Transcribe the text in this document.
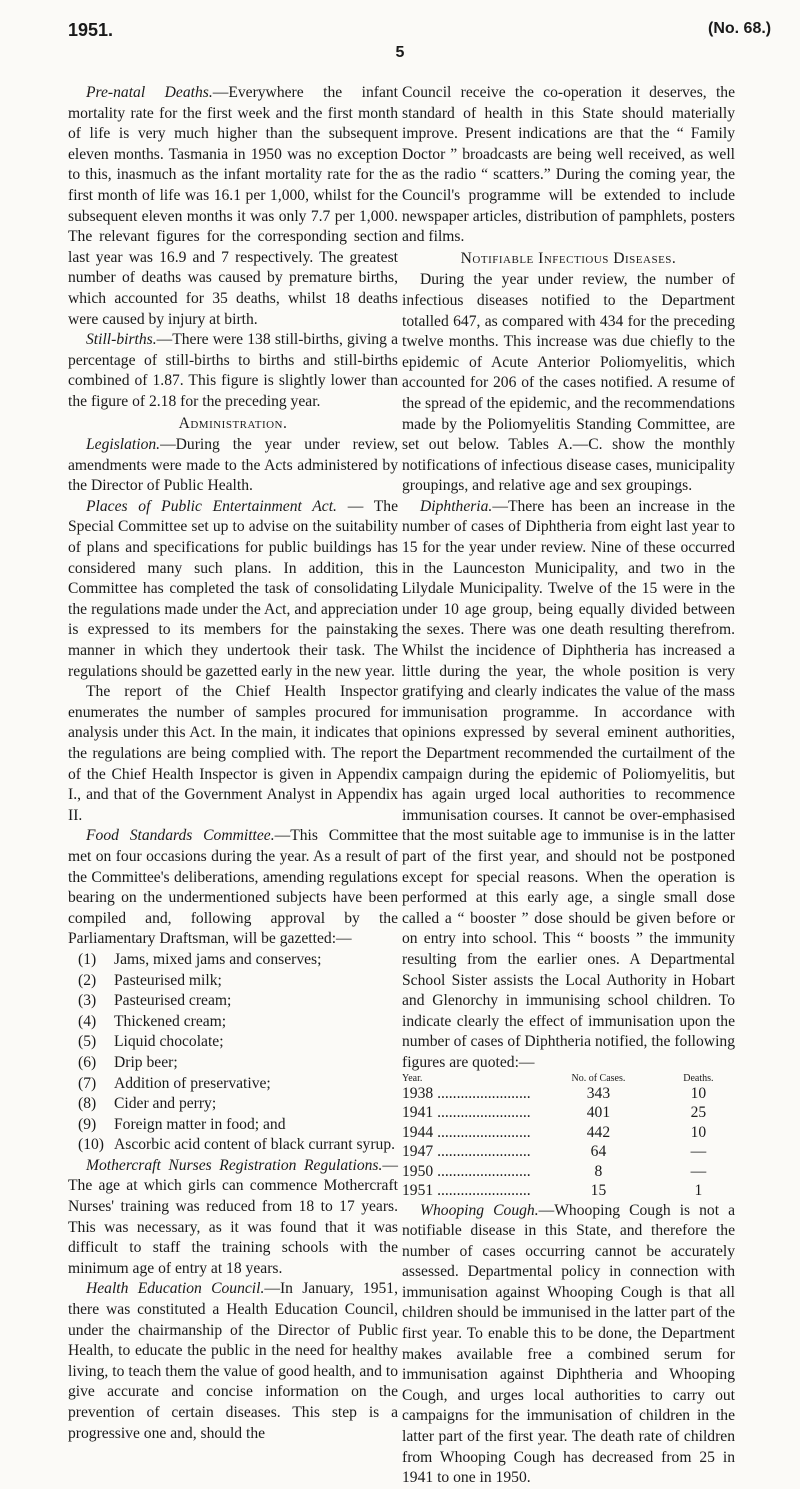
1951.	(No. 68.)
5

Pre-natal Deaths.—Everywhere the infant mortality rate for the first week and the first month of life is very much higher than the subsequent eleven months. Tasmania in 1950 was no exception to this, inasmuch as the infant mortality rate for the first month of life was 16.1 per 1,000, whilst for the subsequent eleven months it was only 7.7 per 1,000. The relevant figures for the corresponding section last year was 16.9 and 7 respectively. The greatest number of deaths was caused by premature births, which accounted for 35 deaths, whilst 18 deaths were caused by injury at birth.

Still-births.—There were 138 still-births, giving a percentage of still-births to births and still-births combined of 1.87. This figure is slightly lower than the figure of 2.18 for the preceding year.

Administration.

Legislation.—During the year under review, amendments were made to the Acts administered by the Director of Public Health.

Places of Public Entertainment Act. — The Special Committee set up to advise on the suitability of plans and specifications for public buildings has considered many such plans. In addition, this Committee has completed the task of consolidating the regulations made under the Act, and appreciation is expressed to its members for the painstaking manner in which they undertook their task. The regulations should be gazetted early in the new year.

The report of the Chief Health Inspector enumerates the number of samples procured for analysis under this Act. In the main, it indicates that the regulations are being complied with. The report of the Chief Health Inspector is given in Appendix I., and that of the Government Analyst in Appendix II.

Food Standards Committee.—This Committee met on four occasions during the year. As a result of the Committee's deliberations, amending regulations bearing on the undermentioned subjects have been compiled and, following approval by the Parliamentary Draftsman, will be gazetted:—

(1)	Jams, mixed jams and conserves;
(2)	Pasteurised milk;
(3)	Pasteurised cream;
(4)	Thickened cream;
(5)	Liquid chocolate;
(6)	Drip beer;
(7)	Addition of preservative;
(8)	Cider and perry;
(9)	Foreign matter in food; and
(10) Ascorbic acid content of black currant syrup.

Mothercraft Nurses Registration Regulations.—The age at which girls can commence Mothercraft Nurses' training was reduced from 18 to 17 years. This was necessary, as it was found that it was difficult to staff the training schools with the minimum age of entry at 18 years.

Health Education Council.—In January, 1951, there was constituted a Health Education Council, under the chairmanship of the Director of Public Health, to educate the public in the need for healthy living, to teach them the value of good health, and to give accurate and concise information on the prevention of certain diseases. This step is a progressive one and, should the

Council receive the co-operation it deserves, the standard of health in this State should materially improve. Present indications are that the “ Family Doctor ” broadcasts are being well received, as well as the radio “ scatters.” During the coming year, the Council's programme will be extended to include newspaper articles, distribution of pamphlets, posters and films.

Notifiable Infectious Diseases.

During the year under review, the number of infectious diseases notified to the Department totalled 647, as compared with 434 for the preceding twelve months. This increase was due chiefly to the epidemic of Acute Anterior Poliomyelitis, which accounted for 206 of the cases notified. A resume of the spread of the epidemic, and the recommendations made by the Poliomyelitis Standing Committee, are set out below. Tables A.—C. show the monthly notifications of infectious disease cases, municipality groupings, and relative age and sex groupings.

Diphtheria.—There has been an increase in the number of cases of Diphtheria from eight last year to 15 for the year under review. Nine of these occurred in the Launceston Municipality, and two in the Lilydale Municipality. Twelve of the 15 were in the under 10 age group, being equally divided between the sexes. There was one death resulting therefrom. Whilst the incidence of Diphtheria has increased a little during the year, the whole position is very gratifying and clearly indicates the value of the mass immunisation programme. In accordance with opinions expressed by several eminent authorities, the Department recommended the curtailment of the campaign during the epidemic of Poliomyelitis, but has again urged local authorities to recommence immunisation courses. It cannot be over-emphasised that the most suitable age to immunise is in the latter part of the first year, and should not be postponed except for special reasons. When the operation is performed at this early age, a single small dose called a “ booster ” dose should be given before or on entry into school. This “ boosts ” the immunity resulting from the earlier ones. A Departmental School Sister assists the Local Authority in Hobart and Glenorchy in immunising school children. To indicate clearly the effect of immunisation upon the number of cases of Diphtheria notified, the following figures are quoted:—

Year.	No. of Cases.	Deaths.
1938 ........................	343	10
1941 ........................	401	25
1944 ........................	442	10
1947 ........................	64	—
1950 ........................	8	—
1951 ........................	15	1

Whooping Cough.—Whooping Cough is not a notifiable disease in this State, and therefore the number of cases occurring cannot be accurately assessed. Departmental policy in connection with immunisation against Whooping Cough is that all children should be immunised in the latter part of the first year. To enable this to be done, the Department makes available free a combined serum for immunisation against Diphtheria and Whooping Cough, and urges local authorities to carry out campaigns for the immunisation of children in the latter part of the first year. The death rate of children from Whooping Cough has decreased from 25 in 1941 to one in 1950.
